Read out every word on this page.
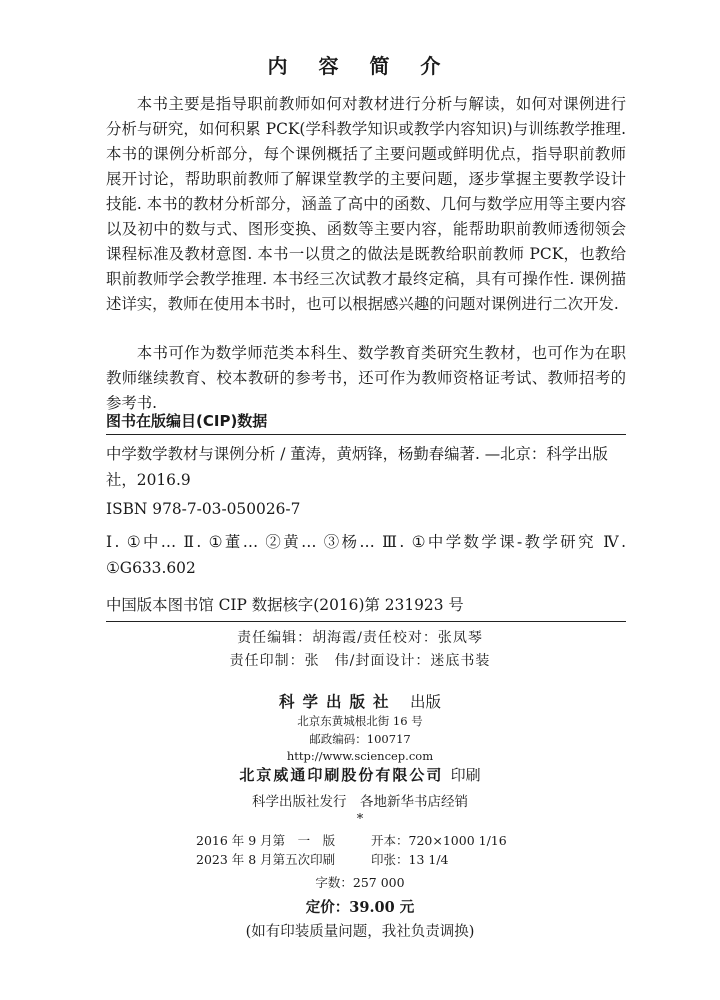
内 容 简 介

本书主要是指导职前教师如何对教材进行分析与解读，如何对课例进行分析与研究，如何积累 PCK(学科教学知识或教学内容知识)与训练教学推理. 本书的课例分析部分，每个课例概括了主要问题或鲜明优点，指导职前教师展开讨论，帮助职前教师了解课堂教学的主要问题，逐步掌握主要教学设计技能. 本书的教材分析部分，涵盖了高中的函数、几何与数学应用等主要内容以及初中的数与式、图形变换、函数等主要内容，能帮助职前教师透彻领会课程标准及教材意图. 本书一以贯之的做法是既教给职前教师 PCK，也教给职前教师学会教学推理. 本书经三次试教才最终定稿，具有可操作性. 课例描述详实，教师在使用本书时，也可以根据感兴趣的问题对课例进行二次开发.

本书可作为数学师范类本科生、数学教育类研究生教材，也可作为在职教师继续教育、校本教研的参考书，还可作为教师资格证考试、教师招考的参考书.

图书在版编目(CIP)数据

中学数学教材与课例分析 / 董涛，黄炳锋，杨勤春编著. —北京：科学出版社，2016.9

ISBN 978-7-03-050026-7

Ⅰ. ①中… Ⅱ. ①董… ②黄… ③杨… Ⅲ. ①中学数学课-教学研究 Ⅳ. ①G633.602

中国版本图书馆 CIP 数据核字(2016)第 231923 号

责任编辑：胡海霞/责任校对：张凤琴

责任印制：张　伟/封面设计：迷底书装

科学出版社 出版

北京东黄城根北街 16 号

邮政编码：100717

http://www.sciencep.com

北京威通印刷股份有限公司 印刷

科学出版社发行　各地新华书店经销

*

2016 年 9 月第　一　版	开本：720×1000 1/16
2023 年 8 月第五次印刷	印张：13 1/4

字数：257 000

定价：39.00 元

(如有印装质量问题，我社负责调换)
